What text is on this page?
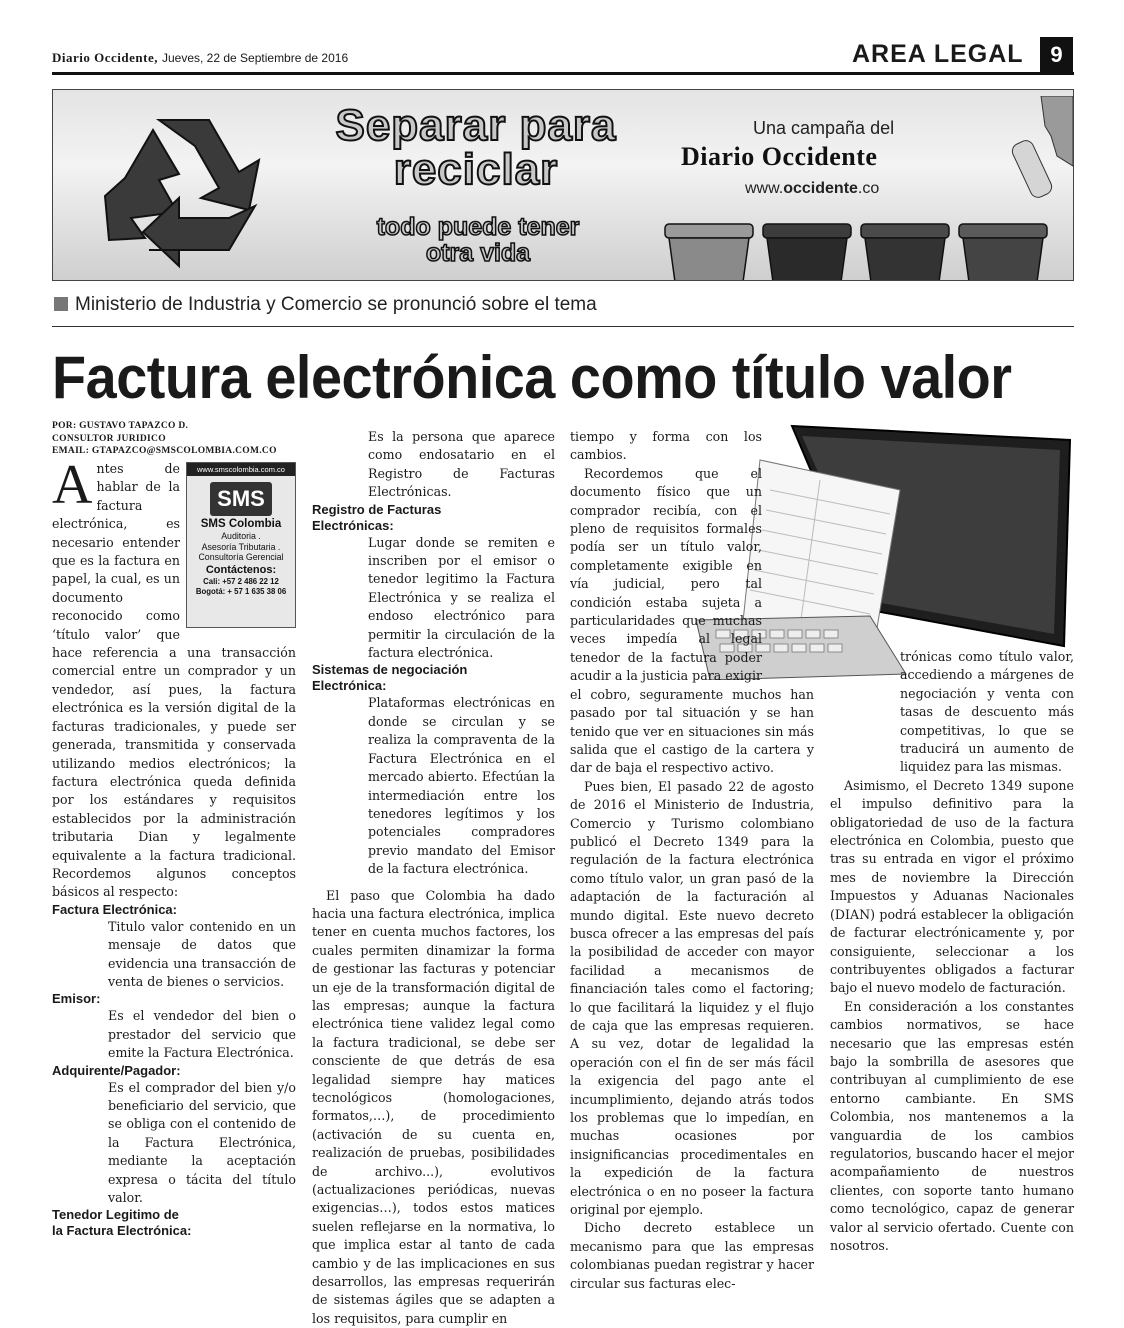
Diario Occidente, Jueves, 22 de Septiembre de 2016	AREA LEGAL	9
Separar para
reciclar
todo puede tener
otra vida
Una campaña del
Diario Occidente
www.occidente.co
Ministerio de Industria y Comercio se pronunció sobre el tema
Factura electrónica como título valor
POR: GUSTAVO TAPAZCO D.
CONSULTOR JURIDICO
EMAIL: GTAPAZCO@SMSCOLOMBIA.COM.CO
www.smscolombia.com.co
SMS
SMS Colombia
Auditoria .
Asesoría Tributaria .
Consultoría Gerencial
Contáctenos:
Cali: +57 2 486 22 12
Bogotá: + 57 1 635 38 06

Antes de hablar de la factura electrónica, es necesario entender que es la factura en papel, la cual, es un documento reconocido como ‘título valor’ que hace referencia a una transacción comercial entre un comprador y un vendedor, así pues, la factura electrónica es la versión digital de la facturas tradicionales, y puede ser generada, transmitida y conservada utilizando medios electrónicos; la factura electrónica queda definida por los estándares y requisitos establecidos por la administración tributaria Dian y legalmente equivalente a la factura tradicional. Recordemos algunos conceptos básicos al respecto:

Factura Electrónica:

Titulo valor contenido en un mensaje de datos que evidencia una transacción de venta de bienes o servicios.

Emisor:

Es el vendedor del bien o prestador del servicio que emite la Factura Electrónica.

Adquirente/Pagador:

Es el comprador del bien y/o beneficiario del servicio, que se obliga con el contenido de la Factura Electrónica, mediante la aceptación expresa o tácita del título valor.

Tenedor Legitimo de
la Factura Electrónica:

Es la persona que aparece como endosatario en el Registro de Facturas Electrónicas.

Registro de Facturas
Electrónicas:

Lugar donde se remiten e inscriben por el emisor o tenedor legitimo la Factura Electrónica y se realiza el endoso electrónico para permitir la circulación de la factura electrónica.

Sistemas de negociación
Electrónica:

Plataformas electrónicas en donde se circulan y se realiza la compraventa de la Factura Electrónica en el mercado abierto. Efectúan la intermediación entre los tenedores legítimos y los potenciales compradores previo mandato del Emisor de la factura electrónica.

El paso que Colombia ha dado hacia una factura electrónica, implica tener en cuenta muchos factores, los cuales permiten dinamizar la forma de gestionar las facturas y potenciar un eje de la transformación digital de las empresas; aunque la factura electrónica tiene validez legal como la factura tradicional, se debe ser consciente de que detrás de esa legalidad siempre hay matices tecnológicos (homologaciones, formatos,…), de procedimiento (activación de su cuenta en, realización de pruebas, posibilidades de archivo...), evolutivos (actualizaciones periódicas, nuevas exigencias…), todos estos matices suelen reflejarse en la normativa, lo que implica estar al tanto de cada cambio y de las implicaciones en sus desarrollos, las empresas requerirán de sistemas ágiles que se adapten a los requisitos, para cumplir en

tiempo y forma con los cambios.

Recordemos que el documento físico que un comprador recibía, con el pleno de requisitos formales podía ser un título valor, completamente exigible en vía judicial, pero tal condición estaba sujeta a particularidades que muchas veces impedía al legal tenedor de la factura poder acudir a la justicia para exigir el cobro, seguramente muchos han pasado por tal situación y se han tenido que ver en situaciones sin más salida que el castigo de la cartera y dar de baja el respectivo activo.

Pues bien, El pasado 22 de agosto de 2016 el Ministerio de Industria, Comercio y Turismo colombiano publicó el Decreto 1349 para la regulación de la factura electrónica como título valor, un gran pasó de la adaptación de la facturación al mundo digital. Este nuevo decreto busca ofrecer a las empresas del país la posibilidad de acceder con mayor facilidad a mecanismos de financiación tales como el factoring; lo que facilitará la liquidez y el flujo de caja que las empresas requieren. A su vez, dotar de legalidad la operación con el fin de ser más fácil la exigencia del pago ante el incumplimiento, dejando atrás todos los problemas que lo impedían, en muchas ocasiones por insignificancias procedimentales en la expedición de la factura electrónica o en no poseer la factura original por ejemplo.

Dicho decreto establece un mecanismo para que las empresas colombianas puedan registrar y hacer circular sus facturas elec-

trónicas como título valor, accediendo a márgenes de negociación y venta con tasas de descuento más competitivas, lo que se traducirá un aumento de liquidez para las mismas.

Asimismo, el Decreto 1349 supone el impulso definitivo para la obligatoriedad de uso de la factura electrónica en Colombia, puesto que tras su entrada en vigor el próximo mes de noviembre la Dirección Impuestos y Aduanas Nacionales (DIAN) podrá establecer la obligación de facturar electrónicamente y, por consiguiente, seleccionar a los contribuyentes obligados a facturar bajo el nuevo modelo de facturación.

En consideración a los constantes cambios normativos, se hace necesario que las empresas estén bajo la sombrilla de asesores que contribuyan al cumplimiento de ese entorno cambiante. En SMS Colombia, nos mantenemos a la vanguardia de los cambios regulatorios, buscando hacer el mejor acompañamiento de nuestros clientes, con soporte tanto humano como tecnológico, capaz de generar valor al servicio ofertado. Cuente con nosotros.
